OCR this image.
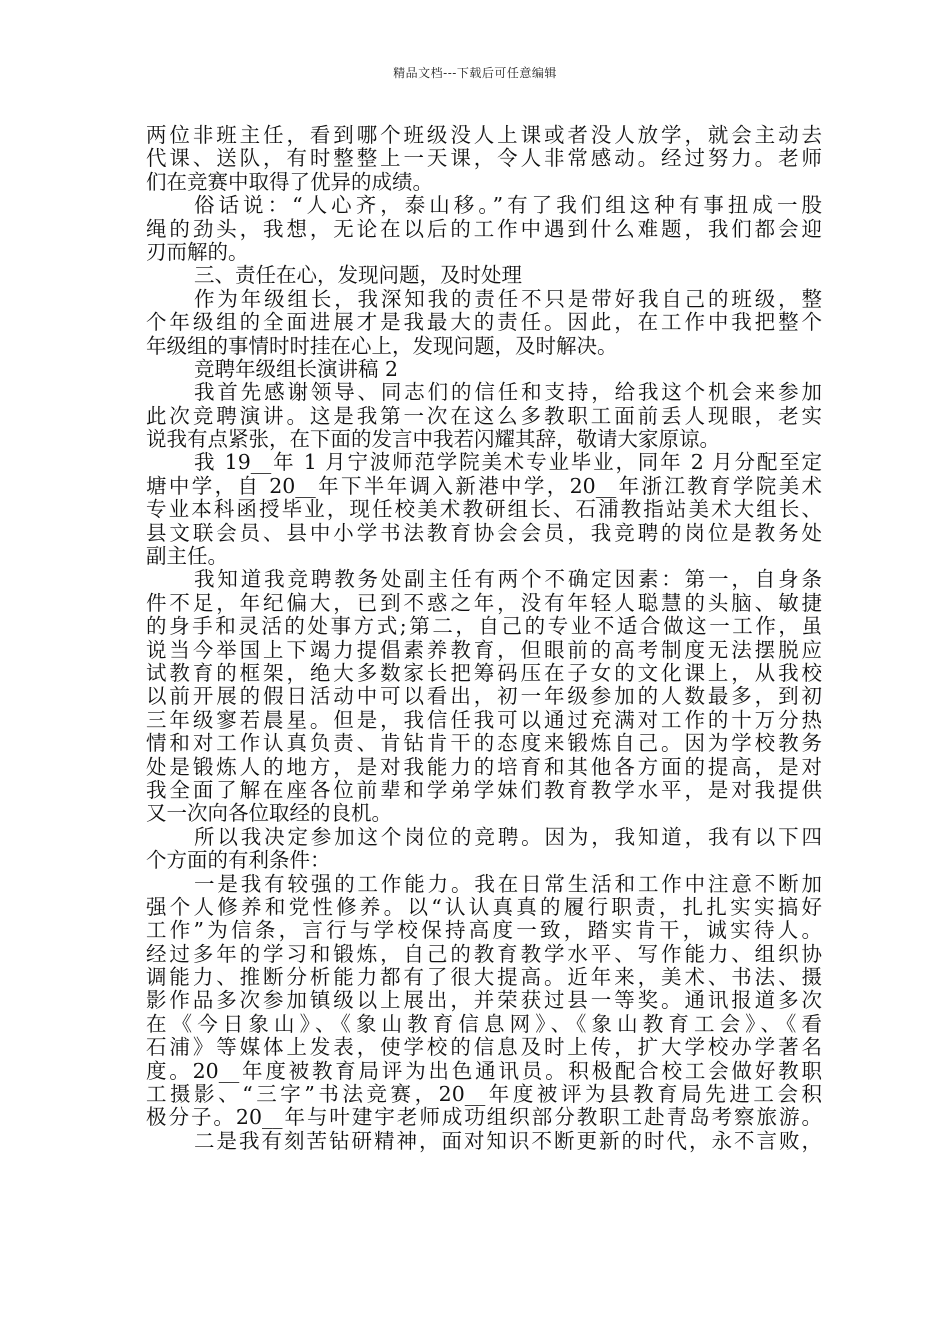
精品文档---下载后可任意编辑
两位非班主任，看到哪个班级没人上课或者没人放学，就会主动去
代课、送队，有时整整上一天课，令人非常感动。经过努力。老师
们在竞赛中取得了优异的成绩。
俗话说：“人心齐，泰山移。”有了我们组这种有事扭成一股
绳的劲头，我想，无论在以后的工作中遇到什么难题，我们都会迎
刃而解的。
三、责任在心，发现问题，及时处理
作为年级组长，我深知我的责任不只是带好我自己的班级，整
个年级组的全面进展才是我最大的责任。因此，在工作中我把整个
年级组的事情时时挂在心上，发现问题，及时解决。
竞聘年级组长演讲稿 2
我首先感谢领导、同志们的信任和支持，给我这个机会来参加
此次竞聘演讲。这是我第一次在这么多教职工面前丢人现眼，老实
说我有点紧张，在下面的发言中我若闪耀其辞，敬请大家原谅。
我 19__年 1 月宁波师范学院美术专业毕业，同年 2 月分配至定
塘中学，自 20__年下半年调入新港中学，20__年浙江教育学院美术
专业本科函授毕业，现任校美术教研组长、石浦教指站美术大组长、
县文联会员、县中小学书法教育协会会员，我竞聘的岗位是教务处
副主任。
我知道我竞聘教务处副主任有两个不确定因素：第一，自身条
件不足，年纪偏大，已到不惑之年，没有年轻人聪慧的头脑、敏捷
的身手和灵活的处事方式;第二，自己的专业不适合做这一工作，虽
说当今举国上下竭力提倡素养教育，但眼前的高考制度无法摆脱应
试教育的框架，绝大多数家长把筹码压在子女的文化课上，从我校
以前开展的假日活动中可以看出，初一年级参加的人数最多，到初
三年级寥若晨星。但是，我信任我可以通过充满对工作的十万分热
情和对工作认真负责、肯钻肯干的态度来锻炼自己。因为学校教务
处是锻炼人的地方，是对我能力的培育和其他各方面的提高，是对
我全面了解在座各位前辈和学弟学妹们教育教学水平，是对我提供
又一次向各位取经的良机。
所以我决定参加这个岗位的竞聘。因为，我知道，我有以下四
个方面的有利条件：
一是我有较强的工作能力。我在日常生活和工作中注意不断加
强个人修养和党性修养。以“认认真真的履行职责，扎扎实实搞好
工作”为信条，言行与学校保持高度一致，踏实肯干，诚实待人。
经过多年的学习和锻炼，自己的教育教学水平、写作能力、组织协
调能力、推断分析能力都有了很大提高。近年来，美术、书法、摄
影作品多次参加镇级以上展出，并荣获过县一等奖。通讯报道多次
在《今日象山》、《象山教育信息网》、《象山教育工会》、《看
石浦》等媒体上发表，使学校的信息及时上传，扩大学校办学著名
度。20__年度被教育局评为出色通讯员。积极配合校工会做好教职
工摄影、“三字”书法竞赛，20__年度被评为县教育局先进工会积
极分子。20__年与叶建宇老师成功组织部分教职工赴青岛考察旅游。
二是我有刻苦钻研精神，面对知识不断更新的时代，永不言败，
